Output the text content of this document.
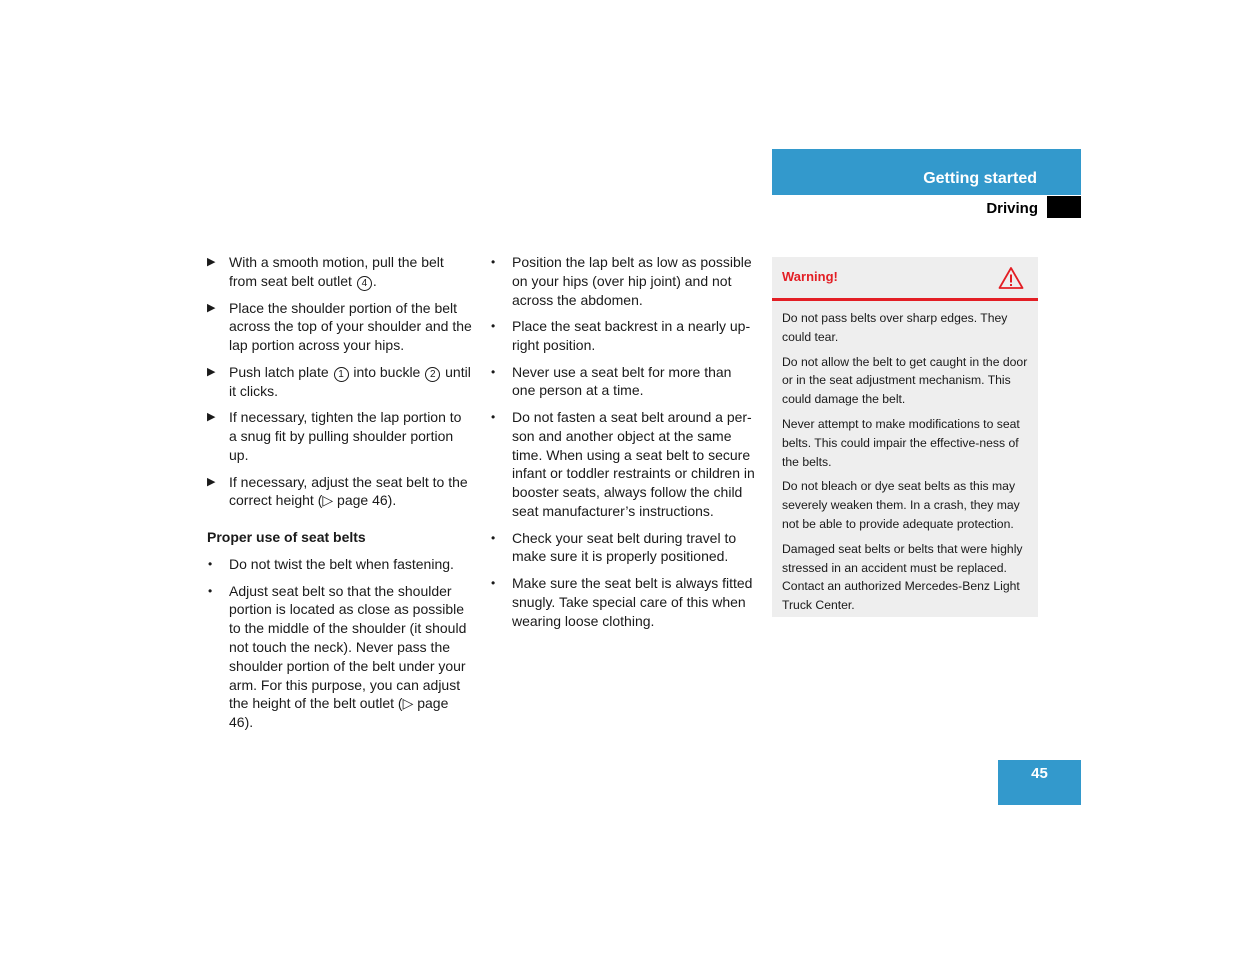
Getting started
Driving
▶ With a smooth motion, pull the belt from seat belt outlet 4 .
▶ Place the shoulder portion of the belt across the top of your shoulder and the lap portion across your hips.
▶ Push latch plate 1 into buckle 2 until it clicks.
▶ If necessary, tighten the lap portion to a snug fit by pulling shoulder portion up.
▶ If necessary, adjust the seat belt to the correct height (▷ page 46).
Proper use of seat belts
• Do not twist the belt when fastening.
• Adjust seat belt so that the shoulder portion is located as close as possible to the middle of the shoulder (it should not touch the neck). Never pass the shoulder portion of the belt under your arm. For this purpose, you can adjust the height of the belt outlet (▷ page 46).
• Position the lap belt as low as possible on your hips (over hip joint) and not across the abdomen.
• Place the seat backrest in a nearly up-right position.
• Never use a seat belt for more than one person at a time.
• Do not fasten a seat belt around a per-son and another object at the same time. When using a seat belt to secure infant or toddler restraints or children in booster seats, always follow the child seat manufacturer’s instructions.
• Check your seat belt during travel to make sure it is properly positioned.
• Make sure the seat belt is always fitted snugly. Take special care of this when wearing loose clothing.
Warning!

Do not pass belts over sharp edges. They could tear.

Do not allow the belt to get caught in the door or in the seat adjustment mechanism. This could damage the belt.

Never attempt to make modifications to seat belts. This could impair the effective-ness of the belts.

Do not bleach or dye seat belts as this may severely weaken them. In a crash, they may not be able to provide adequate protection.

Damaged seat belts or belts that were highly stressed in an accident must be replaced. Contact an authorized Mercedes-Benz Light Truck Center.

45
